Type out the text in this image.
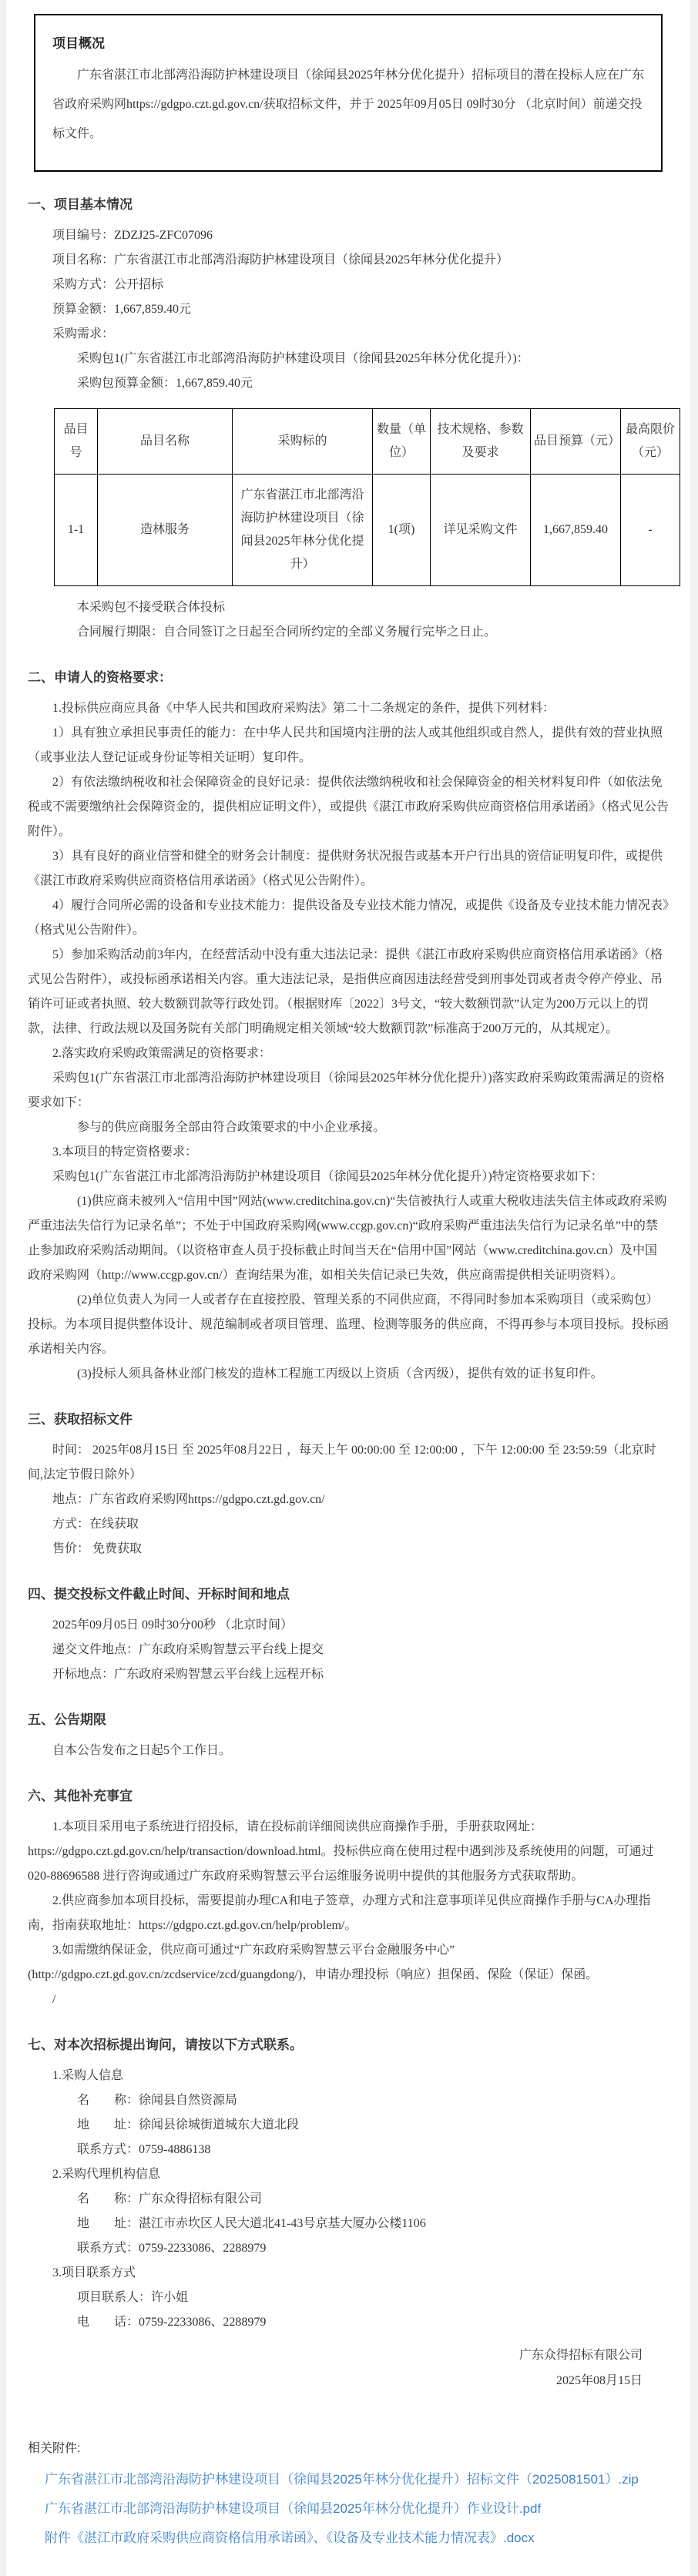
项目概况

广东省湛江市北部湾沿海防护林建设项目（徐闻县2025年林分优化提升）招标项目的潜在投标人应在广东省政府采购网https://gdgpo.czt.gd.gov.cn/获取招标文件，并于 2025年09月05日 09时30分 （北京时间）前递交投标文件。

一、项目基本情况

项目编号：ZDZJ25-ZFC07096

项目名称：广东省湛江市北部湾沿海防护林建设项目（徐闻县2025年林分优化提升）

采购方式：公开招标

预算金额：1,667,859.40元

采购需求：

采购包1(广东省湛江市北部湾沿海防护林建设项目（徐闻县2025年林分优化提升）)：

采购包预算金额：1,667,859.40元

品目号	品目名称	采购标的	数量（单位）	技术规格、参数及要求	品目预算（元）	最高限价（元）
1-1	造林服务	广东省湛江市北部湾沿海防护林建设项目（徐闻县2025年林分优化提升）	1(项)	详见采购文件	1,667,859.40	-

本采购包不接受联合体投标

合同履行期限：自合同签订之日起至合同所约定的全部义务履行完毕之日止。

二、申请人的资格要求：

1.投标供应商应具备《中华人民共和国政府采购法》第二十二条规定的条件，提供下列材料：

1）具有独立承担民事责任的能力：在中华人民共和国境内注册的法人或其他组织或自然人，提供有效的营业执照（或事业法人登记证或身份证等相关证明）复印件。

2）有依法缴纳税收和社会保障资金的良好记录：提供依法缴纳税收和社会保障资金的相关材料复印件（如依法免税或不需要缴纳社会保障资金的，提供相应证明文件），或提供《湛江市政府采购供应商资格信用承诺函》（格式见公告附件）。

3）具有良好的商业信誉和健全的财务会计制度：提供财务状况报告或基本开户行出具的资信证明复印件，或提供《湛江市政府采购供应商资格信用承诺函》（格式见公告附件）。

4）履行合同所必需的设备和专业技术能力：提供设备及专业技术能力情况，或提供《设备及专业技术能力情况表》（格式见公告附件）。

5）参加采购活动前3年内，在经营活动中没有重大违法记录：提供《湛江市政府采购供应商资格信用承诺函》（格式见公告附件），或投标函承诺相关内容。重大违法记录，是指供应商因违法经营受到刑事处罚或者责令停产停业、吊销许可证或者执照、较大数额罚款等行政处罚。（根据财库〔2022〕3号文，“较大数额罚款”认定为200万元以上的罚款，法律、行政法规以及国务院有关部门明确规定相关领域“较大数额罚款”标准高于200万元的，从其规定）。

2.落实政府采购政策需满足的资格要求：

采购包1(广东省湛江市北部湾沿海防护林建设项目（徐闻县2025年林分优化提升）)落实政府采购政策需满足的资格要求如下：

参与的供应商服务全部由符合政策要求的中小企业承接。

3.本项目的特定资格要求：

采购包1(广东省湛江市北部湾沿海防护林建设项目（徐闻县2025年林分优化提升）)特定资格要求如下：

(1)供应商未被列入“信用中国”网站(www.creditchina.gov.cn)“失信被执行人或重大税收违法失信主体或政府采购严重违法失信行为记录名单”；不处于中国政府采购网(www.ccgp.gov.cn)“政府采购严重违法失信行为记录名单”中的禁止参加政府采购活动期间。（以资格审查人员于投标截止时间当天在“信用中国”网站（www.creditchina.gov.cn）及中国政府采购网（http://www.ccgp.gov.cn/）查询结果为准，如相关失信记录已失效，供应商需提供相关证明资料）。

(2)单位负责人为同一人或者存在直接控股、管理关系的不同供应商，不得同时参加本采购项目（或采购包）投标。为本项目提供整体设计、规范编制或者项目管理、监理、检测等服务的供应商，不得再参与本项目投标。投标函承诺相关内容。

(3)投标人须具备林业部门核发的造林工程施工丙级以上资质（含丙级），提供有效的证书复印件。

三、获取招标文件

时间： 2025年08月15日 至 2025年08月22日 ，每天上午 00:00:00 至 12:00:00 ，下午 12:00:00 至 23:59:59（北京时间,法定节假日除外）

地点：广东省政府采购网https://gdgpo.czt.gd.gov.cn/

方式：在线获取

售价： 免费获取

四、提交投标文件截止时间、开标时间和地点

2025年09月05日 09时30分00秒 （北京时间）

递交文件地点：广东政府采购智慧云平台线上提交

开标地点：广东政府采购智慧云平台线上远程开标

五、公告期限

自本公告发布之日起5个工作日。

六、其他补充事宜

1.本项目采用电子系统进行招投标，请在投标前详细阅读供应商操作手册，手册获取网址：https://gdgpo.czt.gd.gov.cn/help/transaction/download.html。投标供应商在使用过程中遇到涉及系统使用的问题，可通过020-88696588 进行咨询或通过广东政府采购智慧云平台运维服务说明中提供的其他服务方式获取帮助。

2.供应商参加本项目投标，需要提前办理CA和电子签章，办理方式和注意事项详见供应商操作手册与CA办理指南，指南获取地址：https://gdgpo.czt.gd.gov.cn/help/problem/。

3.如需缴纳保证金，供应商可通过“广东政府采购智慧云平台金融服务中心”(http://gdgpo.czt.gd.gov.cn/zcdservice/zcd/guangdong/)，申请办理投标（响应）担保函、保险（保证）保函。

/

七、对本次招标提出询问，请按以下方式联系。

1.采购人信息

名　　称：徐闻县自然资源局

地　　址：徐闻县徐城街道城东大道北段

联系方式：0759-4886138

2.采购代理机构信息

名　　称：广东众得招标有限公司

地　　址：湛江市赤坎区人民大道北41-43号京基大厦办公楼1106

联系方式：0759-2233086、2288979

3.项目联系方式

项目联系人：许小姐

电　　话：0759-2233086、2288979

广东众得招标有限公司
2025年08月15日
相关附件:
广东省湛江市北部湾沿海防护林建设项目（徐闻县2025年林分优化提升）招标文件（2025081501）.zip
广东省湛江市北部湾沿海防护林建设项目（徐闻县2025年林分优化提升）作业设计.pdf
附件《湛江市政府采购供应商资格信用承诺函》、《设备及专业技术能力情况表》.docx
